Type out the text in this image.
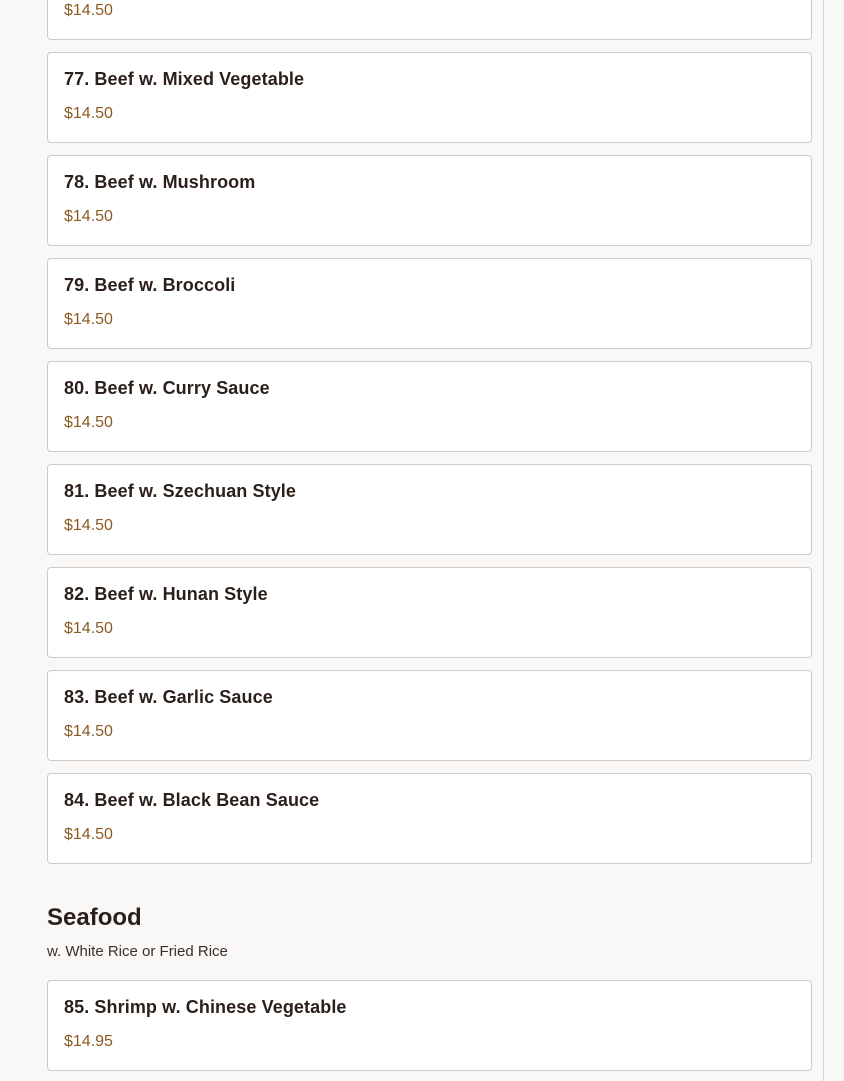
$14.50
77. Beef w. Mixed Vegetable
$14.50
78. Beef w. Mushroom
$14.50
79. Beef w. Broccoli
$14.50
80. Beef w. Curry Sauce
$14.50
81. Beef w. Szechuan Style
$14.50
82. Beef w. Hunan Style
$14.50
83. Beef w. Garlic Sauce
$14.50
84. Beef w. Black Bean Sauce
$14.50
Seafood
w. White Rice or Fried Rice
85. Shrimp w. Chinese Vegetable
$14.95
